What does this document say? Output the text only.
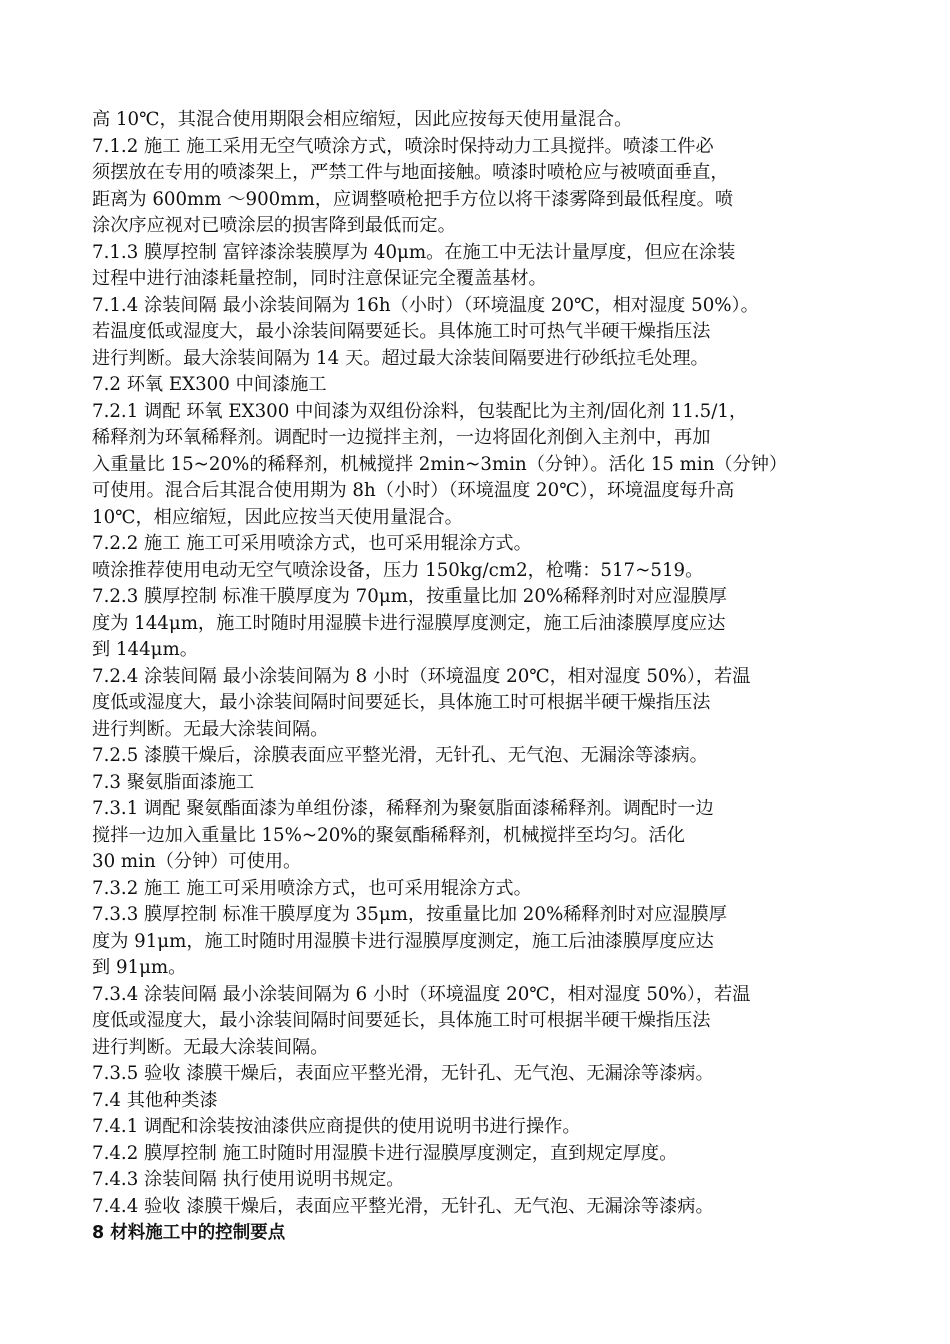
高 10℃，其混合使用期限会相应缩短，因此应按每天使用量混合。
7.1.2 施工 施工采用无空气喷涂方式，喷涂时保持动力工具搅拌。喷漆工件必
须摆放在专用的喷漆架上，严禁工件与地面接触。喷漆时喷枪应与被喷面垂直，
距离为 600mm ～900mm，应调整喷枪把手方位以将干漆雾降到最低程度。喷
涂次序应视对已喷涂层的损害降到最低而定。
7.1.3 膜厚控制 富锌漆涂装膜厚为 40μm。在施工中无法计量厚度，但应在涂装
过程中进行油漆耗量控制，同时注意保证完全覆盖基材。
7.1.4 涂装间隔 最小涂装间隔为 16h（小时）（环境温度 20℃，相对湿度 50%）。
若温度低或湿度大，最小涂装间隔要延长。具体施工时可热气半硬干燥指压法
进行判断。最大涂装间隔为 14 天。超过最大涂装间隔要进行砂纸拉毛处理。
7.2 环氧 EX300 中间漆施工
7.2.1 调配 环氧 EX300 中间漆为双组份涂料，包装配比为主剂/固化剂 11.5/1，
稀释剂为环氧稀释剂。调配时一边搅拌主剂，一边将固化剂倒入主剂中，再加
入重量比 15~20%的稀释剂，机械搅拌 2min~3min（分钟）。活化 15 min（分钟）
可使用。混合后其混合使用期为 8h（小时）（环境温度 20℃），环境温度每升高
10℃，相应缩短，因此应按当天使用量混合。
7.2.2 施工 施工可采用喷涂方式，也可采用辊涂方式。
喷涂推荐使用电动无空气喷涂设备，压力 150kg/cm2，枪嘴：517~519。
7.2.3 膜厚控制 标准干膜厚度为 70μm，按重量比加 20%稀释剂时对应湿膜厚
度为 144μm，施工时随时用湿膜卡进行湿膜厚度测定，施工后油漆膜厚度应达
到 144μm。
7.2.4 涂装间隔 最小涂装间隔为 8 小时（环境温度 20℃，相对湿度 50%），若温
度低或湿度大，最小涂装间隔时间要延长，具体施工时可根据半硬干燥指压法
进行判断。无最大涂装间隔。
7.2.5 漆膜干燥后，涂膜表面应平整光滑，无针孔、无气泡、无漏涂等漆病。
7.3 聚氨脂面漆施工
7.3.1 调配 聚氨酯面漆为单组份漆，稀释剂为聚氨脂面漆稀释剂。调配时一边
搅拌一边加入重量比 15%~20%的聚氨酯稀释剂，机械搅拌至均匀。活化
30 min（分钟）可使用。
7.3.2 施工 施工可采用喷涂方式，也可采用辊涂方式。
7.3.3 膜厚控制 标准干膜厚度为 35μm，按重量比加 20%稀释剂时对应湿膜厚
度为 91μm，施工时随时用湿膜卡进行湿膜厚度测定，施工后油漆膜厚度应达
到 91μm。
7.3.4 涂装间隔 最小涂装间隔为 6 小时（环境温度 20℃，相对湿度 50%），若温
度低或湿度大，最小涂装间隔时间要延长，具体施工时可根据半硬干燥指压法
进行判断。无最大涂装间隔。
7.3.5 验收 漆膜干燥后，表面应平整光滑，无针孔、无气泡、无漏涂等漆病。
7.4 其他种类漆
7.4.1 调配和涂装按油漆供应商提供的使用说明书进行操作。
7.4.2 膜厚控制 施工时随时用湿膜卡进行湿膜厚度测定，直到规定厚度。
7.4.3 涂装间隔 执行使用说明书规定。
7.4.4 验收 漆膜干燥后，表面应平整光滑，无针孔、无气泡、无漏涂等漆病。
8 材料施工中的控制要点
